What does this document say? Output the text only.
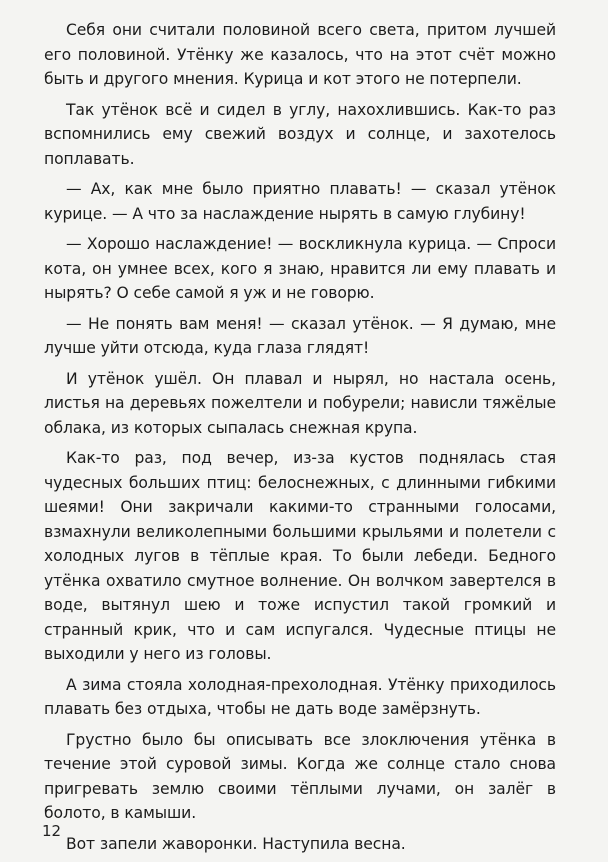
Себя они считали половиной всего света, притом лучшей его половиной. Утёнку же казалось, что на этот счёт можно быть и другого мнения. Курица и кот этого не потерпели.

Так утёнок всё и сидел в углу, нахохлившись. Как-то раз вспомнились ему свежий воздух и солнце, и захотелось поплавать.

— Ах, как мне было приятно плавать! — сказал утёнок курице. — А что за наслаждение нырять в самую глубину!

— Хорошо наслаждение! — воскликнула курица. — Спроси кота, он умнее всех, кого я знаю, нравится ли ему плавать и нырять? О себе самой я уж и не говорю.

— Не понять вам меня! — сказал утёнок. — Я думаю, мне лучше уйти отсюда, куда глаза глядят!

И утёнок ушёл. Он плавал и нырял, но настала осень, листья на деревьях пожелтели и побурели; нависли тяжёлые облака, из которых сыпалась снежная крупа.

Как-то раз, под вечер, из-за кустов поднялась стая чудесных больших птиц: белоснежных, с длинными гибкими шеями! Они закричали какими-то странными голосами, взмахнули великолепными большими крыльями и полетели с холодных лугов в тёплые края. То были лебеди. Бедного утёнка охватило смутное волнение. Он волчком завертелся в воде, вытянул шею и тоже испустил такой громкий и странный крик, что и сам испугался. Чудесные птицы не выходили у него из головы.

А зима стояла холодная-прехолодная. Утёнку приходилось плавать без отдыха, чтобы не дать воде замёрзнуть.

Грустно было бы описывать все злоключения утёнка в течение этой суровой зимы. Когда же солнце стало снова пригревать землю своими тёплыми лучами, он залёг в болото, в камыши.

Вот запели жаворонки. Наступила весна.

12
